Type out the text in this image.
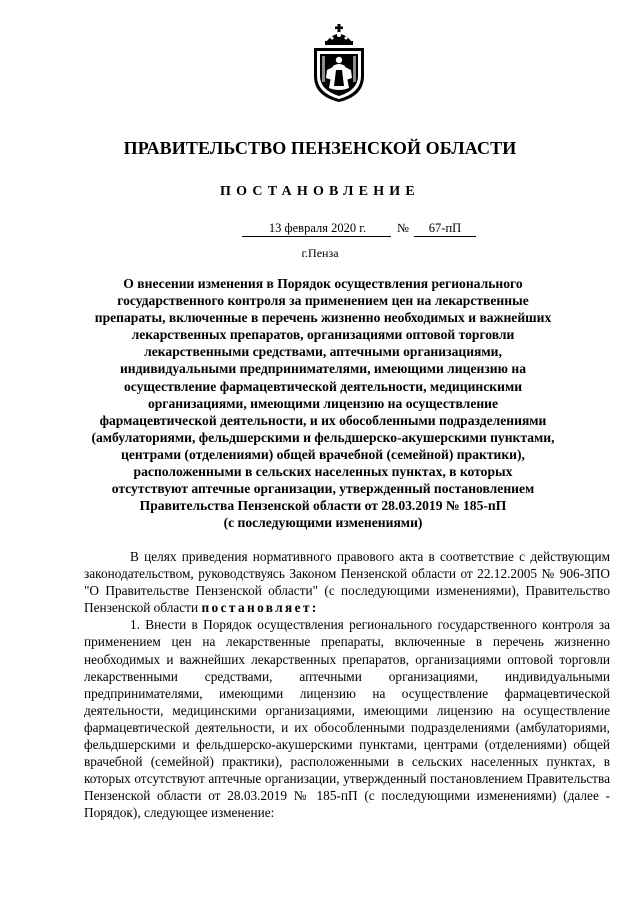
ПРАВИТЕЛЬСТВО ПЕНЗЕНСКОЙ ОБЛАСТИ
ПОСТАНОВЛЕНИЕ
13 февраля 2020 г.	№	67-пП
г.Пенза
О внесении изменения в Порядок осуществления регионального
государственного контроля за применением цен на лекарственные
препараты, включенные в перечень жизненно необходимых и важнейших
лекарственных препаратов, организациями оптовой торговли
лекарственными средствами, аптечными организациями,
индивидуальными предпринимателями, имеющими лицензию на
осуществление фармацевтической деятельности, медицинскими
организациями, имеющими лицензию на осуществление
фармацевтической деятельности, и их обособленными подразделениями
(амбулаториями, фельдшерскими и фельдшерско-акушерскими пунктами,
центрами (отделениями) общей врачебной (семейной) практики),
расположенными в сельских населенных пунктах, в которых
отсутствуют аптечные организации, утвержденный постановлением
Правительства Пензенской области от 28.03.2019 № 185-пП
(с последующими изменениями)

В целях приведения нормативного правового акта в соответствие с действующим законодательством, руководствуясь Законом Пензенской области от 22.12.2005 № 906-ЗПО "О Правительстве Пензенской области" (с последующими изменениями), Правительство Пензенской области постановляет:

1. Внести в Порядок осуществления регионального государственного контроля за применением цен на лекарственные препараты, включенные в перечень жизненно необходимых и важнейших лекарственных препаратов, организациями оптовой торговли лекарственными средствами, аптечными организациями, индивидуальными предпринимателями, имеющими лицензию на осуществление фармацевтической деятельности, медицинскими организациями, имеющими лицензию на осуществление фармацевтической деятельности, и их обособленными подразделениями (амбулаториями, фельдшерскими и фельдшерско-акушерскими пунктами, центрами (отделениями) общей врачебной (семейной) практики), расположенными в сельских населенных пунктах, в которых отсутствуют аптечные организации, утвержденный постановлением Правительства Пензенской области от 28.03.2019 № 185-пП (с последующими изменениями) (далее - Порядок), следующее изменение:
